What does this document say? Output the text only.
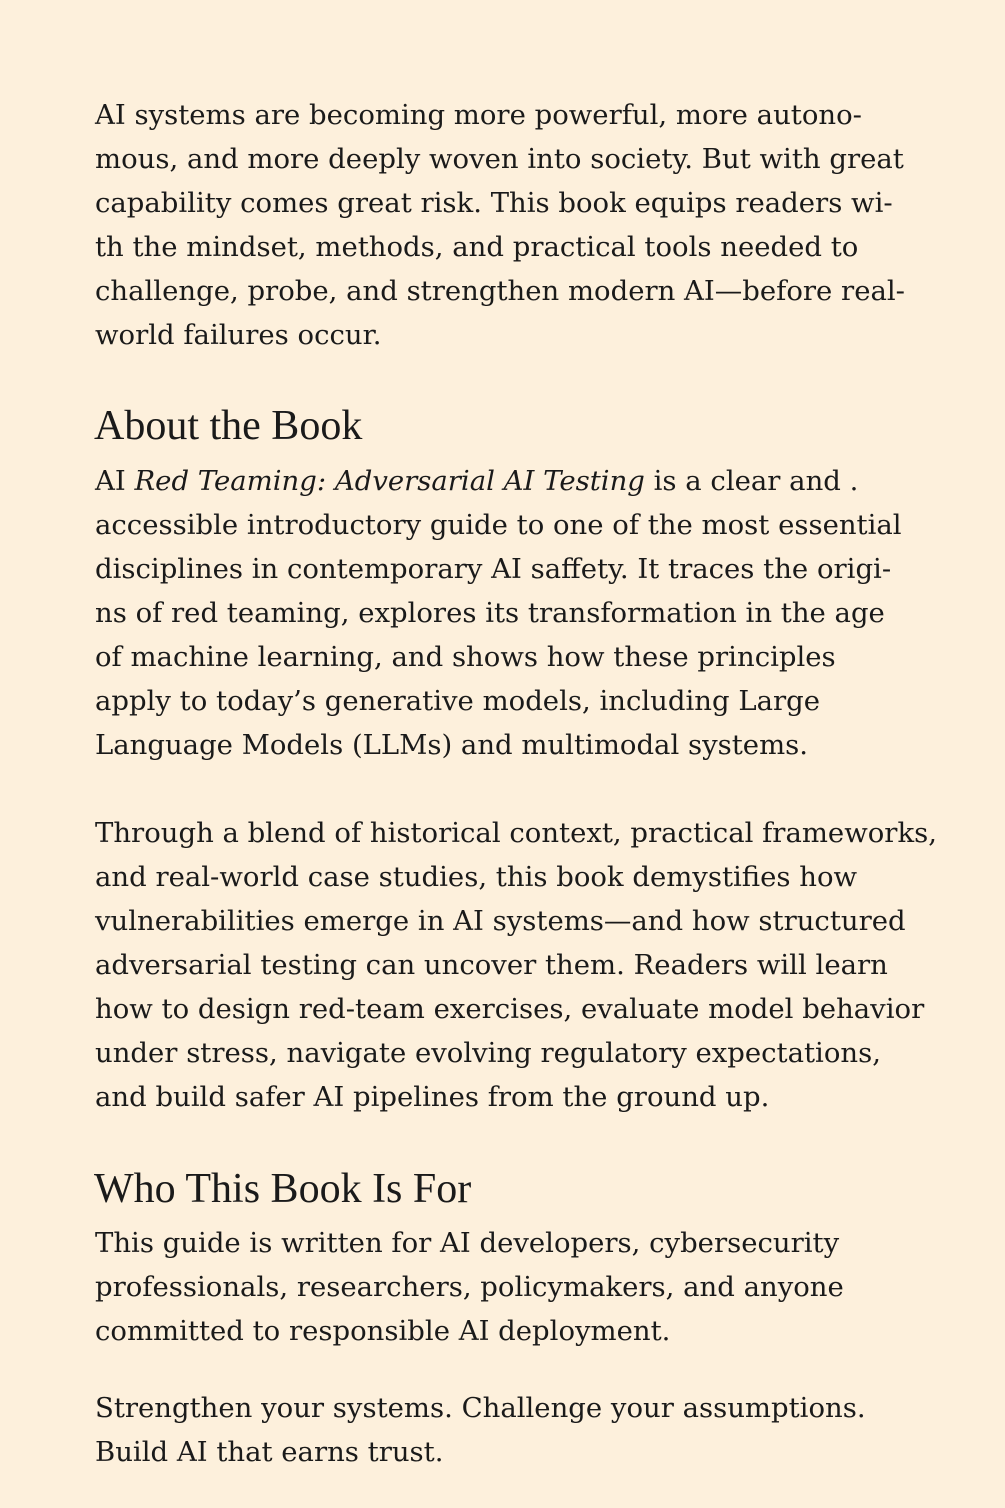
AI systems are becoming more powerful, more autono-
mous, and more deeply woven into society. But with great
capability comes great risk. This book equips readers wi-
th the mindset, methods, and practical tools needed to
challenge, probe, and strengthen modern AI—before real-
world failures occur.
About the Book
AI Red Teaming: Adversarial AI Testing is a clear and .
accessible introductory guide to one of the most essential
disciplines in contemporary AI saffety. It traces the origi-
ns of red teaming, explores its transformation in the age
of machine learning, and shows how these principles
apply to today’s generative models, including Large
Language Models (LLMs) and multimodal systems.
Through a blend of historical context, practical frameworks,
and real-world case studies, this book demystifies how
vulnerabilities emerge in AI systems—and how structured
adversarial testing can uncover them. Readers will learn
how to design red-team exercises, evaluate model behavior
under stress, navigate evolving regulatory expectations,
and build safer AI pipelines from the ground up.
Who This Book Is For
This guide is written for AI developers, cybersecurity
professionals, researchers, policymakers, and anyone
committed to responsible AI deployment.
Strengthen your systems. Challenge your assumptions.
Build AI that earns trust.
